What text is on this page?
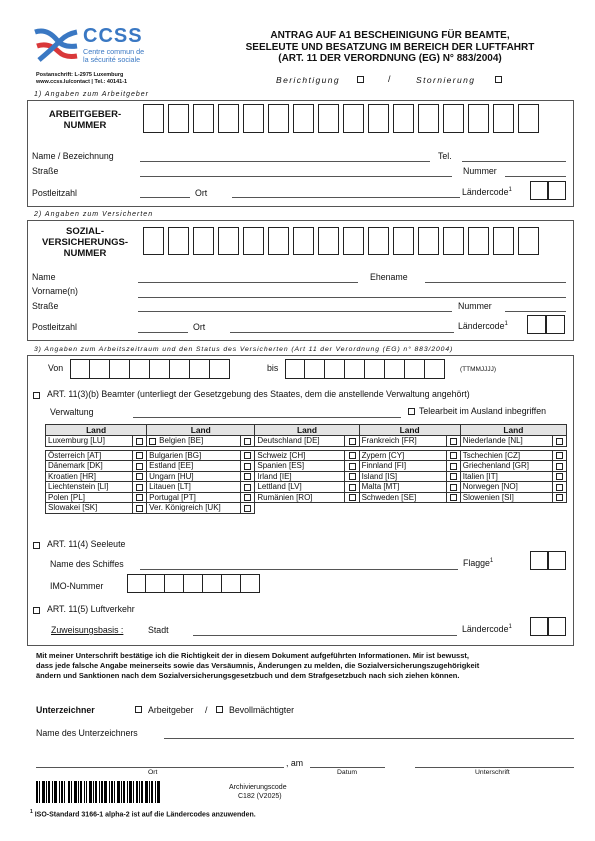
CCSS
Centre commun de
la sécurité sociale
Postanschrift: L-2975 Luxemburg
www.ccss.lu/contact | Tel.: 40141-1
ANTRAG AUF A1 BESCHEINIGUNG FÜR BEAMTE,
SEELEUTE UND BESATZUNG IM BEREICH DER LUFTFAHRT
(ART. 11 DER VERORDNUNG (EG) N° 883/2004)
Berichtigung	/	Stornierung
1) Angaben zum Arbeitgeber
ARBEITGEBER-
NUMMER
Name / Bezeichnung	Tel.
Straße	Nummer
Postleitzahl	Ort	Ländercode$^1$
2) Angaben zum Versicherten
SOZIAL-
VERSICHERUNGS-
NUMMER
Name	Ehename
Vorname(n)
Straße	Nummer
Postleitzahl	Ort	Ländercode$^1$
3) Angaben zum Arbeitszeitraum und den Status des Versicherten (Art 11 der Verordnung (EG) n° 883/2004)
Von	bis	(TTMMJJJJ)
ART. 11(3)(b) Beamter (unterliegt der Gesetzgebung des Staates, dem die anstellende Verwaltung angehört)
Verwaltung	Telearbeit im Ausland inbegriffen
Land		Land		Land		Land		Land	
Luxemburg [LU]		Belgien [BE]		Deutschland [DE]		Frankreich [FR]		Niederlande [NL]	

Österreich [AT]		Bulgarien [BG]		Schweiz [CH]		Zypern [CY]		Tschechien [CZ]	
Dänemark [DK]		Estland [EE]		Spanien [ES]		Finnland [FI]		Griechenland [GR]	
Kroatien [HR]		Ungarn [HU]		Irland [IE]		Island [IS]		Italien [IT]	
Liechtenstein [LI]		Litauen [LT]		Lettland [LV]		Malta [MT]		Norwegen [NO]	
Polen [PL]		Portugal [PT]		Rumänien [RO]		Schweden [SE]		Slowenien [SI]	
Slowakei [SK]		Ver. Königreich [UK]							
ART. 11(4) Seeleute
Name des Schiffes	Flagge$^1$
IMO-Nummer
ART. 11(5) Luftverkehr
Zuweisungsbasis :	Stadt	Ländercode$^1$
Mit meiner Unterschrift bestätige ich die Richtigkeit der in diesem Dokument aufgeführten Informationen. Mir ist bewusst,
dass jede falsche Angabe meinerseits sowie das Versäumnis, Änderungen zu melden, die Sozialversicherungszugehörigkeit
ändern und Sanktionen nach dem Sozialversicherungsgesetzbuch und dem Strafgesetzbuch nach sich ziehen können.
Unterzeichner	Arbeitgeber / Bevollmächtigter
Name des Unterzeichners
, am
Ort	Datum	Unterschrift
Archivierungscode
C182 (V2025)
$^1$ ISO-Standard 3166-1 alpha-2 ist auf die Ländercodes anzuwenden.
